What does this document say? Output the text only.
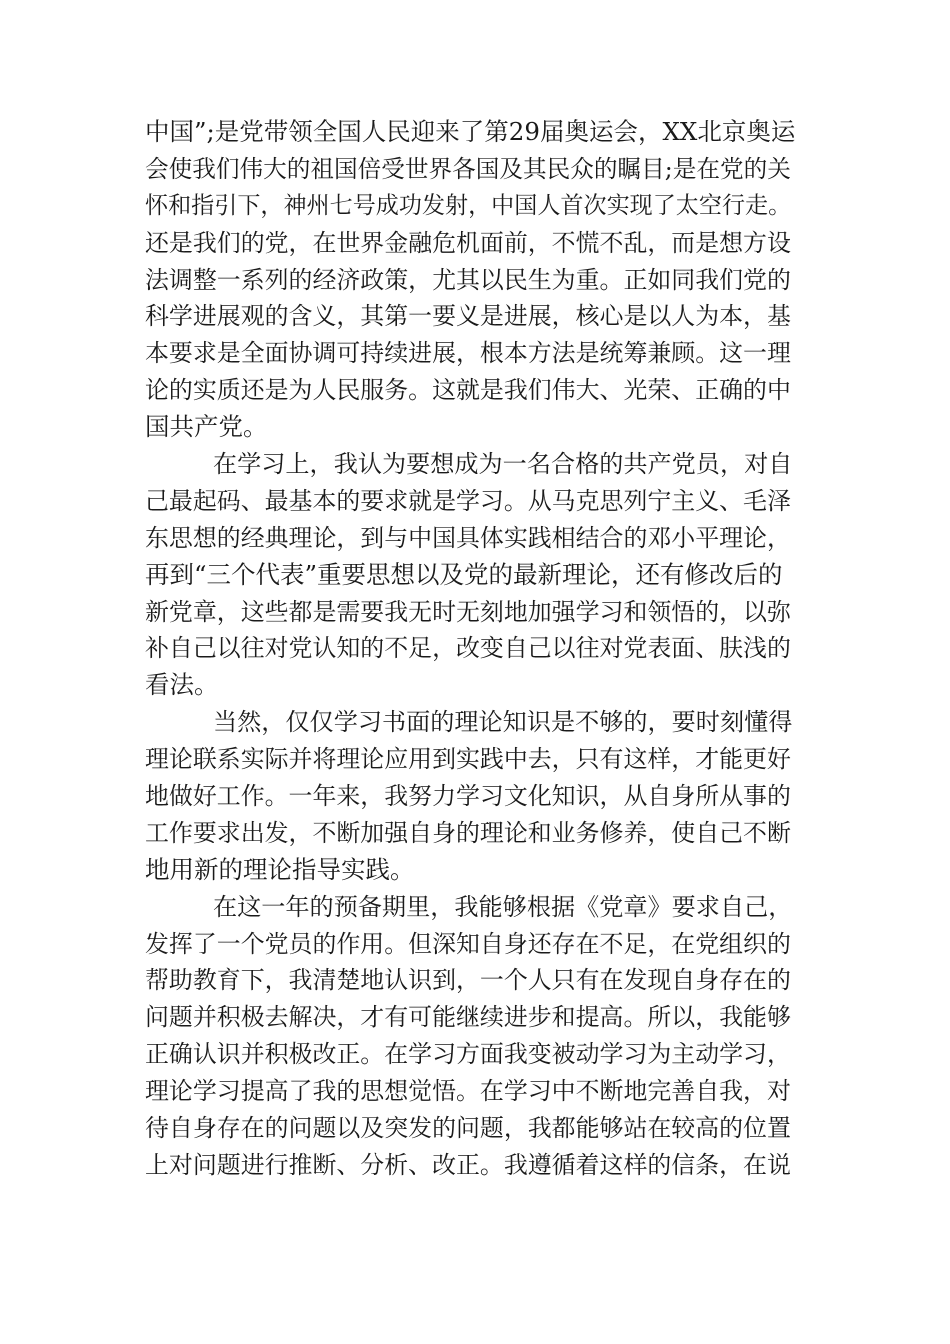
中国”;是党带领全国人民迎来了第29届奥运会，XX北京奥运
会使我们伟大的祖国倍受世界各国及其民众的瞩目;是在党的关
怀和指引下，神州七号成功发射，中国人首次实现了太空行走。
还是我们的党，在世界金融危机面前，不慌不乱，而是想方设
法调整一系列的经济政策，尤其以民生为重。正如同我们党的
科学进展观的含义，其第一要义是进展，核心是以人为本，基
本要求是全面协调可持续进展，根本方法是统筹兼顾。这一理
论的实质还是为人民服务。这就是我们伟大、光荣、正确的中
国共产党。
在学习上，我认为要想成为一名合格的共产党员，对自
己最起码、最基本的要求就是学习。从马克思列宁主义、毛泽
东思想的经典理论，到与中国具体实践相结合的邓小平理论，
再到“三个代表”重要思想以及党的最新理论，还有修改后的
新党章，这些都是需要我无时无刻地加强学习和领悟的，以弥
补自己以往对党认知的不足，改变自己以往对党表面、肤浅的
看法。
当然，仅仅学习书面的理论知识是不够的，要时刻懂得
理论联系实际并将理论应用到实践中去，只有这样，才能更好
地做好工作。一年来，我努力学习文化知识，从自身所从事的
工作要求出发，不断加强自身的理论和业务修养，使自己不断
地用新的理论指导实践。
在这一年的预备期里，我能够根据《党章》要求自己，
发挥了一个党员的作用。但深知自身还存在不足，在党组织的
帮助教育下，我清楚地认识到，一个人只有在发现自身存在的
问题并积极去解决，才有可能继续进步和提高。所以，我能够
正确认识并积极改正。在学习方面我变被动学习为主动学习，
理论学习提高了我的思想觉悟。在学习中不断地完善自我，对
待自身存在的问题以及突发的问题，我都能够站在较高的位置
上对问题进行推断、分析、改正。我遵循着这样的信条，在说
